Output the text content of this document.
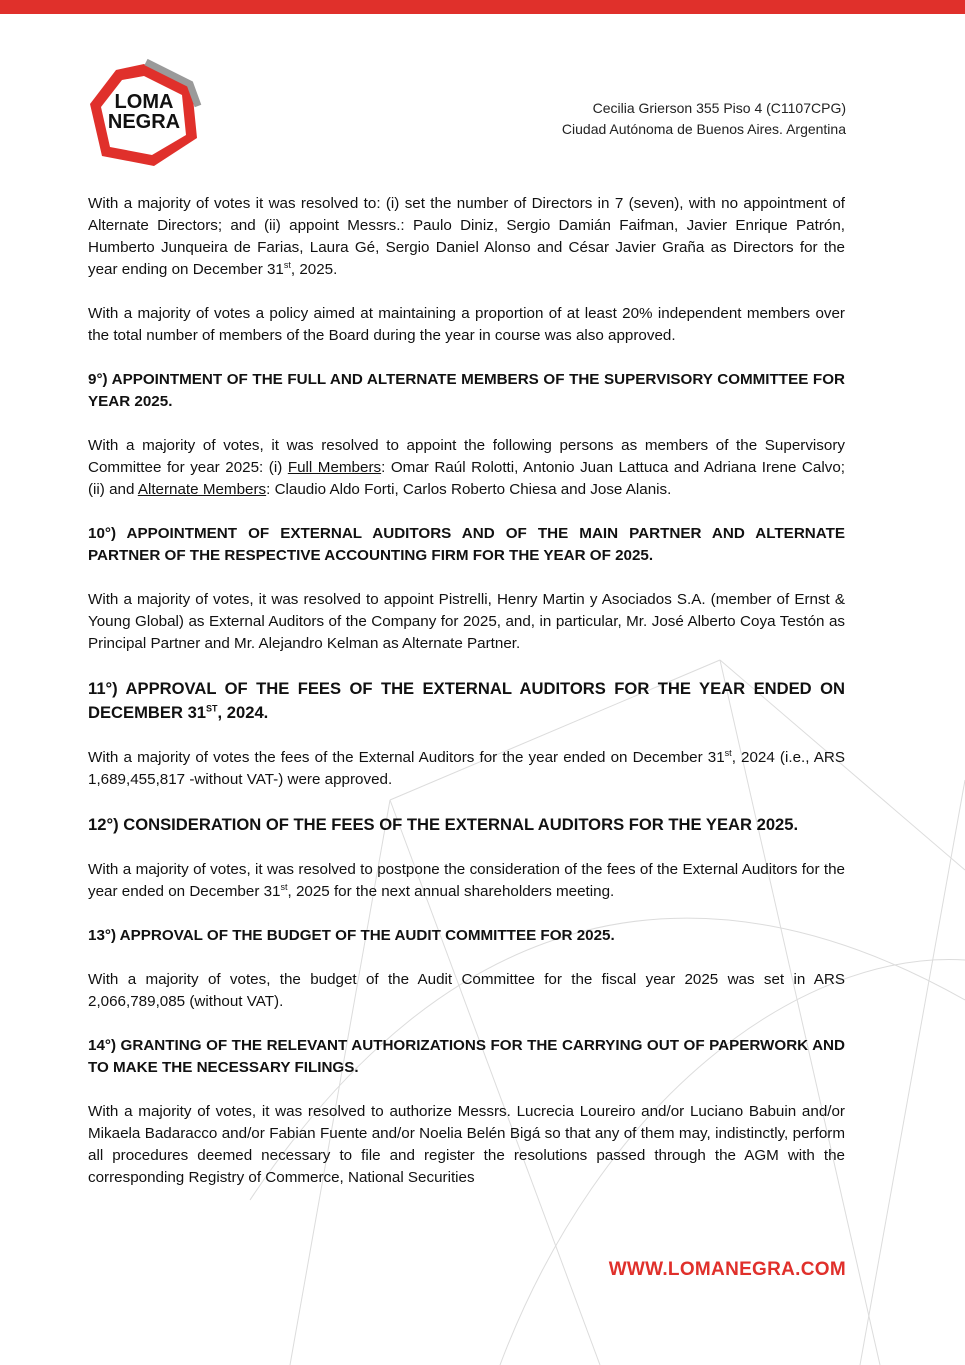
LOMA
NEGRA
Cecilia Grierson 355 Piso 4 (C1107CPG)
Ciudad Autónoma de Buenos Aires. Argentina

With a majority of votes it was resolved to: (i) set the number of Directors in 7 (seven), with no appointment of Alternate Directors; and (ii) appoint Messrs.: Paulo Diniz, Sergio Damián Faifman, Javier Enrique Patrón, Humberto Junqueira de Farias, Laura Gé, Sergio Daniel Alonso and César Javier Graña as Directors for the year ending on December 31st, 2025.

With a majority of votes a policy aimed at maintaining a proportion of at least 20% independent members over the total number of members of the Board during the year in course was also approved.

9°) APPOINTMENT OF THE FULL AND ALTERNATE MEMBERS OF THE SUPERVISORY COMMITTEE FOR YEAR 2025.

With a majority of votes, it was resolved to appoint the following persons as members of the Supervisory Committee for year 2025: (i) Full Members: Omar Raúl Rolotti, Antonio Juan Lattuca and Adriana Irene Calvo; (ii) and Alternate Members: Claudio Aldo Forti, Carlos Roberto Chiesa and Jose Alanis.

10°) APPOINTMENT OF EXTERNAL AUDITORS AND OF THE MAIN PARTNER AND ALTERNATE PARTNER OF THE RESPECTIVE ACCOUNTING FIRM FOR THE YEAR OF 2025.

With a majority of votes, it was resolved to appoint Pistrelli, Henry Martin y Asociados S.A. (member of Ernst & Young Global) as External Auditors of the Company for 2025, and, in particular, Mr. José Alberto Coya Testón as Principal Partner and Mr. Alejandro Kelman as Alternate Partner.

11°) APPROVAL OF THE FEES OF THE EXTERNAL AUDITORS FOR THE YEAR ENDED ON DECEMBER 31ST, 2024.

With a majority of votes the fees of the External Auditors for the year ended on December 31st, 2024 (i.e., ARS 1,689,455,817 -without VAT-) were approved.

12°) CONSIDERATION OF THE FEES OF THE EXTERNAL AUDITORS FOR THE YEAR 2025.

With a majority of votes, it was resolved to postpone the consideration of the fees of the External Auditors for the year ended on December 31st, 2025 for the next annual shareholders meeting.

13°) APPROVAL OF THE BUDGET OF THE AUDIT COMMITTEE FOR 2025.

With a majority of votes, the budget of the Audit Committee for the fiscal year 2025 was set in ARS 2,066,789,085 (without VAT).

14°) GRANTING OF THE RELEVANT AUTHORIZATIONS FOR THE CARRYING OUT OF PAPERWORK AND TO MAKE THE NECESSARY FILINGS.

With a majority of votes, it was resolved to authorize Messrs. Lucrecia Loureiro and/or Luciano Babuin and/or Mikaela Badaracco and/or Fabian Fuente and/or Noelia Belén Bigá so that any of them may, indistinctly, perform all procedures deemed necessary to file and register the resolutions passed through the AGM with the corresponding Registry of Commerce, National Securities

WWW.LOMANEGRA.COM
